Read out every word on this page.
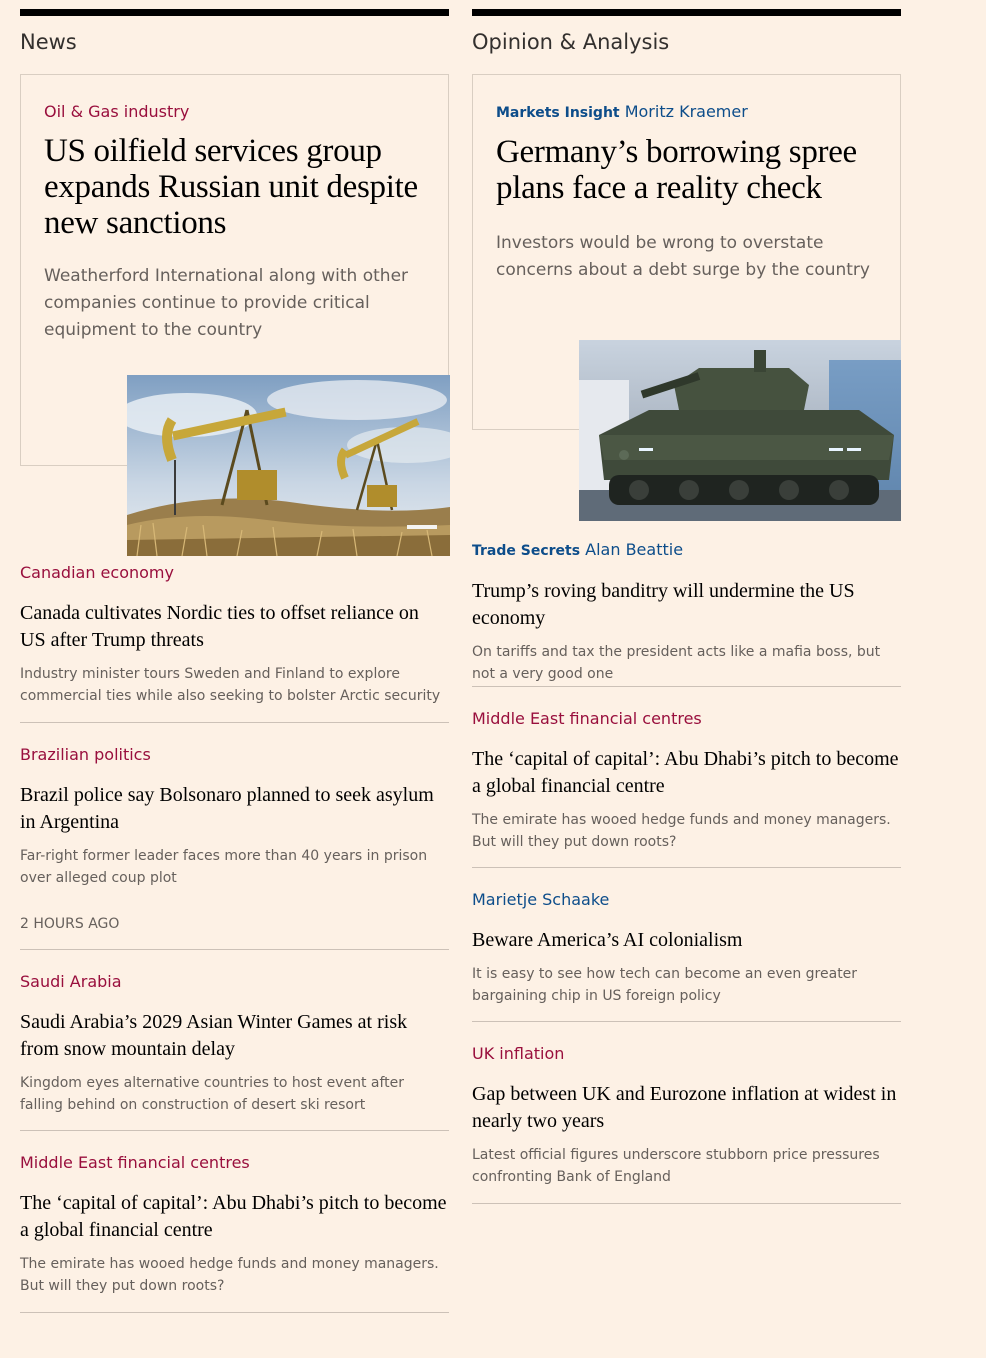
News
Oil & Gas industry
US oilfield services group expands Russian unit despite new sanctions
Weatherford International along with other companies continue to provide critical equipment to the country
Canadian economy
Canada cultivates Nordic ties to offset reliance on US after Trump threats
Industry minister tours Sweden and Finland to explore commercial ties while also seeking to bolster Arctic security
Brazilian politics
Brazil police say Bolsonaro planned to seek asylum in Argentina
Far-right former leader faces more than 40 years in prison over alleged coup plot
2 HOURS AGO
Saudi Arabia
Saudi Arabia’s 2029 Asian Winter Games at risk from snow mountain delay
Kingdom eyes alternative countries to host event after falling behind on construction of desert ski resort
Middle East financial centres
The ‘capital of capital’: Abu Dhabi’s pitch to become a global financial centre
The emirate has wooed hedge funds and money managers. But will they put down roots?
Opinion & Analysis
Markets Insight Moritz Kraemer
Germany’s borrowing spree plans face a reality check
Investors would be wrong to overstate concerns about a debt surge by the country
Trade Secrets Alan Beattie
Trump’s roving banditry will undermine the US economy
On tariffs and tax the president acts like a mafia boss, but not a very good one
Middle East financial centres
The ‘capital of capital’: Abu Dhabi’s pitch to become a global financial centre
The emirate has wooed hedge funds and money managers. But will they put down roots?
Marietje Schaake
Beware America’s AI colonialism
It is easy to see how tech can become an even greater bargaining chip in US foreign policy
UK inflation
Gap between UK and Eurozone inflation at widest in nearly two years
Latest official figures underscore stubborn price pressures confronting Bank of England
